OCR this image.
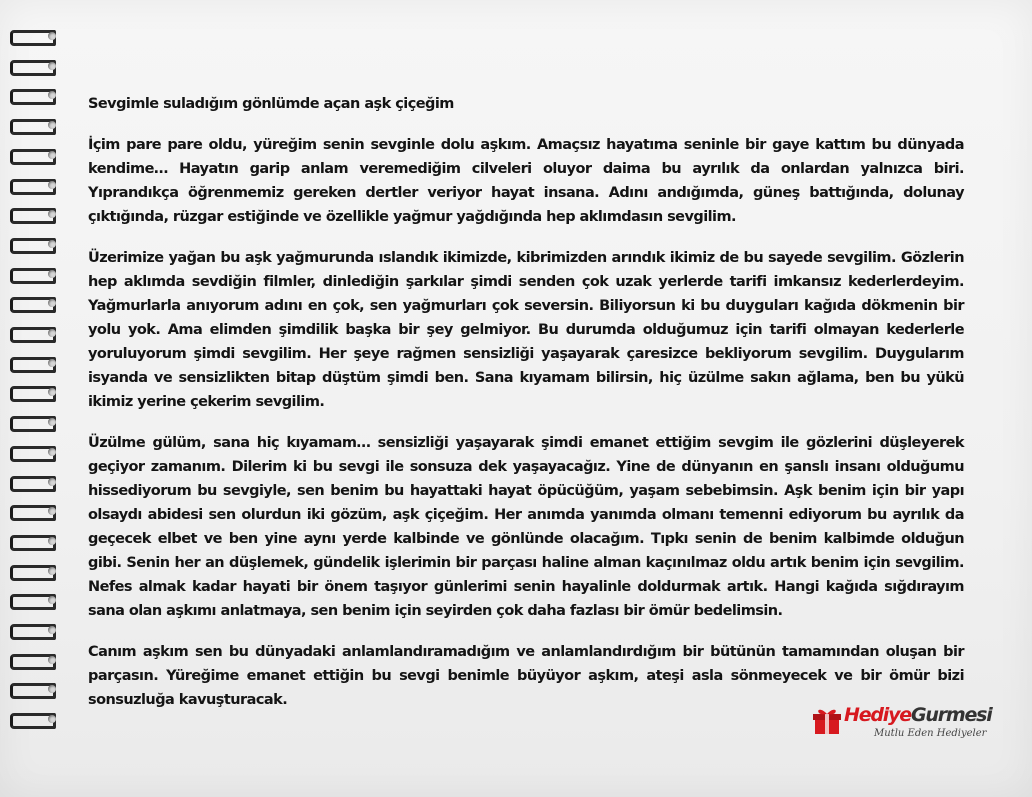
Sevgimle suladığım gönlümde açan aşk çiçeğim

İçim pare pare oldu, yüreğim senin sevginle dolu aşkım. Amaçsız hayatıma seninle bir gaye kattım bu dünyada kendime… Hayatın garip anlam veremediğim cilveleri oluyor daima bu ayrılık da onlardan yalnızca biri. Yıprandıkça öğrenmemiz gereken dertler veriyor hayat insana. Adını andığımda, güneş battığında, dolunay çıktığında, rüzgar estiğinde ve özellikle yağmur yağdığında hep aklımdasın sevgilim.

Üzerimize yağan bu aşk yağmurunda ıslandık ikimizde, kibrimizden arındık ikimiz de bu sayede sevgilim. Gözlerin hep aklımda sevdiğin filmler, dinlediğin şarkılar şimdi senden çok uzak yerlerde tarifi imkansız kederlerdeyim. Yağmurlarla anıyorum adını en çok, sen yağmurları çok seversin. Biliyorsun ki bu duyguları kağıda dökmenin bir yolu yok. Ama elimden şimdilik başka bir şey gelmiyor. Bu durumda olduğumuz için tarifi olmayan kederlerle yoruluyorum şimdi sevgilim. Her şeye rağmen sensizliği yaşayarak çaresizce bekliyorum sevgilim. Duygularım isyanda ve sensizlikten bitap düştüm şimdi ben. Sana kıyamam bilirsin, hiç üzülme sakın ağlama, ben bu yükü ikimiz yerine çekerim sevgilim.

Üzülme gülüm, sana hiç kıyamam… sensizliği yaşayarak şimdi emanet ettiğim sevgim ile gözlerini düşleyerek geçiyor zamanım. Dilerim ki bu sevgi ile sonsuza dek yaşayacağız. Yine de dünyanın en şanslı insanı olduğumu hissediyorum bu sevgiyle, sen benim bu hayattaki hayat öpücüğüm, yaşam sebebimsin. Aşk benim için bir yapı olsaydı abidesi sen olurdun iki gözüm, aşk çiçeğim. Her anımda yanımda olmanı temenni ediyorum bu ayrılık da geçecek elbet ve ben yine aynı yerde kalbinde ve gönlünde olacağım. Tıpkı senin de benim kalbimde olduğun gibi. Senin her an düşlemek, gündelik işlerimin bir parçası haline alman kaçınılmaz oldu artık benim için sevgilim. Nefes almak kadar hayati bir önem taşıyor günlerimi senin hayalinle doldurmak artık. Hangi kağıda sığdırayım sana olan aşkımı anlatmaya, sen benim için seyirden çok daha fazlası bir ömür bedelimsin.

Canım aşkım sen bu dünyadaki anlamlandıramadığım ve anlamlandırdığım bir bütünün tamamından oluşan bir parçasın. Yüreğime emanet ettiğin bu sevgi benimle büyüyor aşkım, ateşi asla sönmeyecek ve bir ömür bizi sonsuzluğa kavuşturacak.

HediyeGurmesi
Mutlu Eden Hediyeler
